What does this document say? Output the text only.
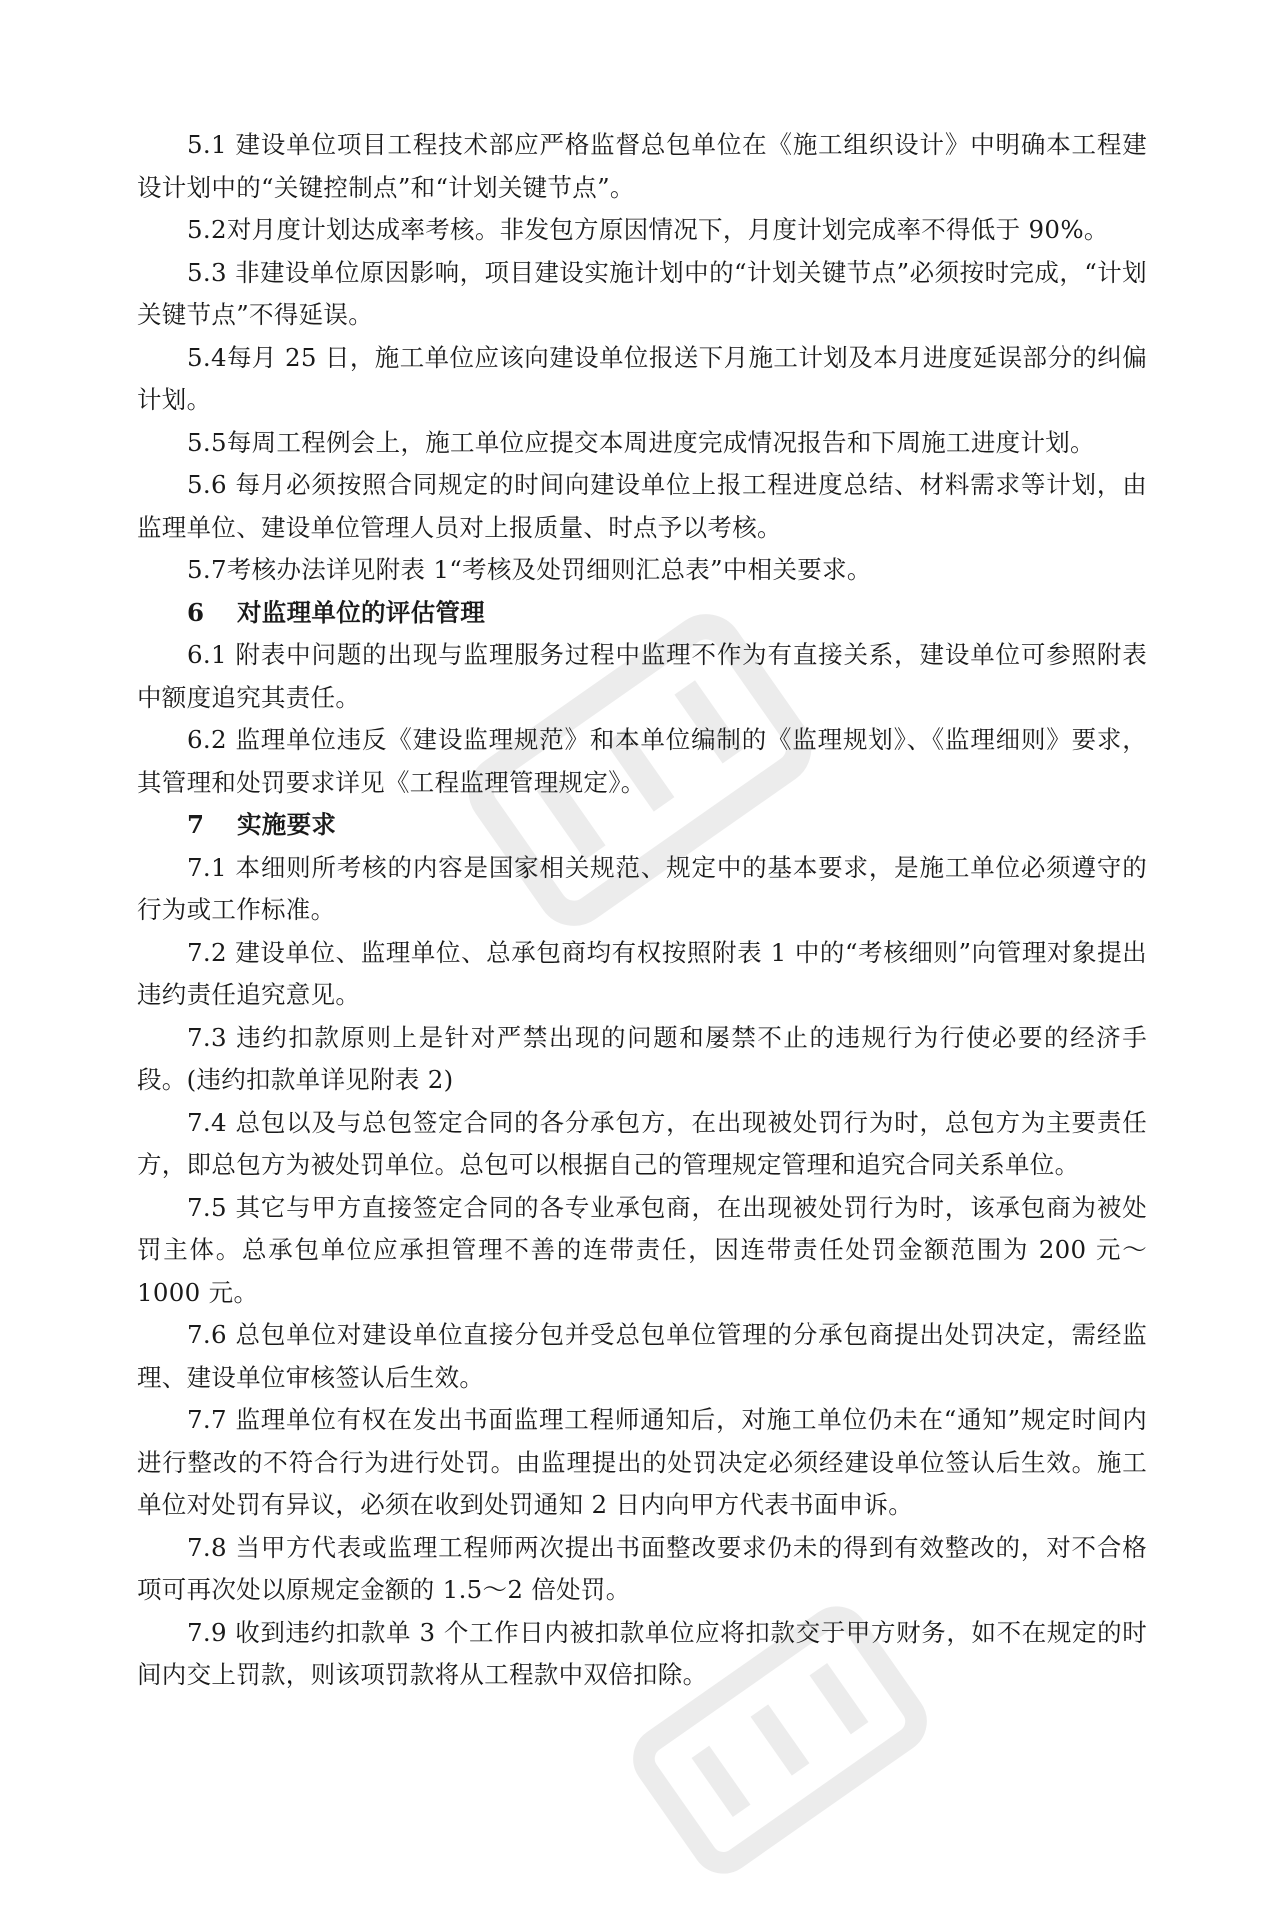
5.1 建设单位项目工程技术部应严格监督总包单位在《施工组织设计》中明确本工程建设计划中的“关键控制点”和“计划关键节点”。

5.2对月度计划达成率考核。非发包方原因情况下，月度计划完成率不得低于 90%。

5.3 非建设单位原因影响，项目建设实施计划中的“计划关键节点”必须按时完成，“计划关键节点”不得延误。

5.4每月 25 日，施工单位应该向建设单位报送下月施工计划及本月进度延误部分的纠偏计划。

5.5每周工程例会上，施工单位应提交本周进度完成情况报告和下周施工进度计划。

5.6 每月必须按照合同规定的时间向建设单位上报工程进度总结、材料需求等计划，由监理单位、建设单位管理人员对上报质量、时点予以考核。

5.7考核办法详见附表 1“考核及处罚细则汇总表”中相关要求。

6 对监理单位的评估管理

6.1 附表中问题的出现与监理服务过程中监理不作为有直接关系，建设单位可参照附表中额度追究其责任。

6.2 监理单位违反《建设监理规范》和本单位编制的《监理规划》、《监理细则》要求，其管理和处罚要求详见《工程监理管理规定》。

7 实施要求

7.1 本细则所考核的内容是国家相关规范、规定中的基本要求，是施工单位必须遵守的行为或工作标准。

7.2 建设单位、监理单位、总承包商均有权按照附表 1 中的“考核细则”向管理对象提出违约责任追究意见。

7.3 违约扣款原则上是针对严禁出现的问题和屡禁不止的违规行为行使必要的经济手段。(违约扣款单详见附表 2)

7.4 总包以及与总包签定合同的各分承包方，在出现被处罚行为时，总包方为主要责任方，即总包方为被处罚单位。总包可以根据自己的管理规定管理和追究合同关系单位。

7.5 其它与甲方直接签定合同的各专业承包商，在出现被处罚行为时，该承包商为被处罚主体。总承包单位应承担管理不善的连带责任，因连带责任处罚金额范围为 200 元～1000 元。

7.6 总包单位对建设单位直接分包并受总包单位管理的分承包商提出处罚决定，需经监理、建设单位审核签认后生效。

7.7 监理单位有权在发出书面监理工程师通知后，对施工单位仍未在“通知”规定时间内进行整改的不符合行为进行处罚。由监理提出的处罚决定必须经建设单位签认后生效。施工单位对处罚有异议，必须在收到处罚通知 2 日内向甲方代表书面申诉。

7.8 当甲方代表或监理工程师两次提出书面整改要求仍未的得到有效整改的，对不合格项可再次处以原规定金额的 1.5～2 倍处罚。

7.9 收到违约扣款单 3 个工作日内被扣款单位应将扣款交于甲方财务，如不在规定的时间内交上罚款，则该项罚款将从工程款中双倍扣除。
